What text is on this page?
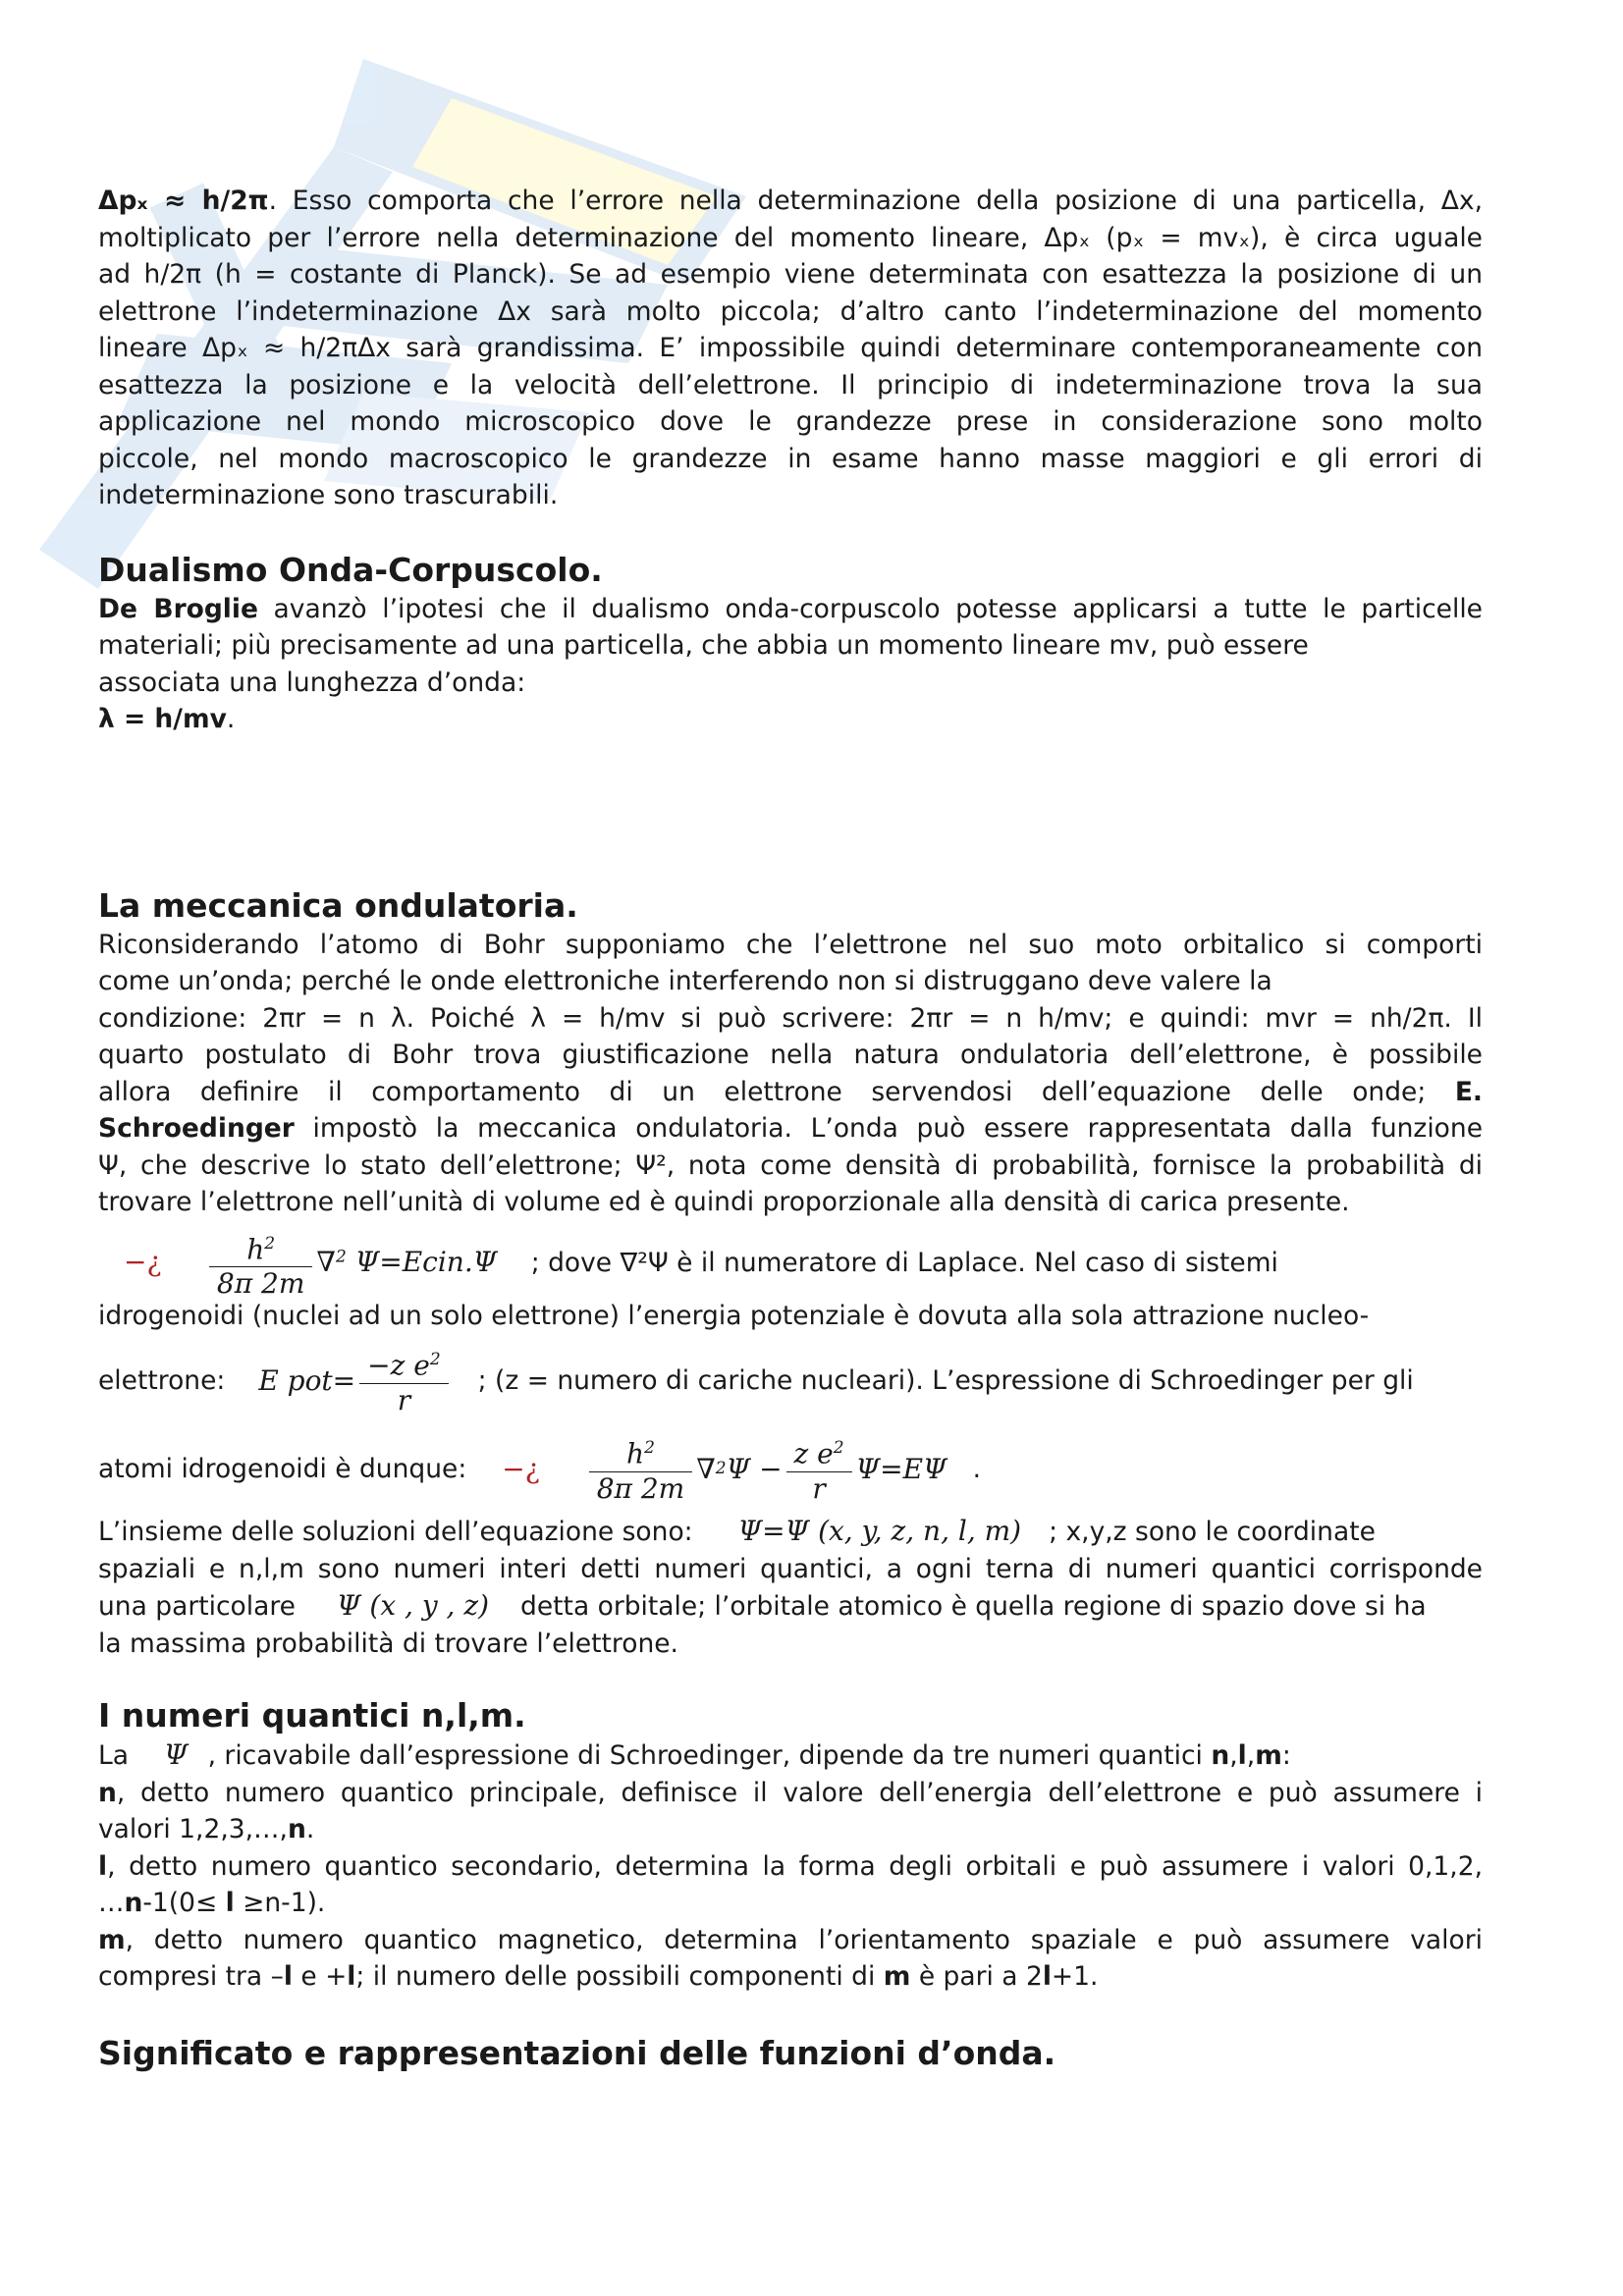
Δpₓ ≈ h/2π. Esso comporta che l’errore nella determinazione della posizione di una particella, Δx,
moltiplicato per l’errore nella determinazione del momento lineare, Δpₓ (pₓ = mvₓ), è circa uguale
ad h/2π (h = costante di Planck). Se ad esempio viene determinata con esattezza la posizione di un
elettrone l’indeterminazione Δx sarà molto piccola; d’altro canto l’indeterminazione del momento
lineare Δpₓ ≈ h/2πΔx sarà grandissima. E’ impossibile quindi determinare contemporaneamente con
esattezza la posizione e la velocità dell’elettrone. Il principio di indeterminazione trova la sua
applicazione nel mondo microscopico dove le grandezze prese in considerazione sono molto
piccole, nel mondo macroscopico le grandezze in esame hanno masse maggiori e gli errori di
indeterminazione sono trascurabili.
Dualismo Onda-Corpuscolo.
De Broglie avanzò l’ipotesi che il dualismo onda-corpuscolo potesse applicarsi a tutte le particelle
materiali; più precisamente ad una particella, che abbia un momento lineare mv, può essere
associata una lunghezza d’onda:
λ = h/mv.
La meccanica ondulatoria.
Riconsiderando l’atomo di Bohr supponiamo che l’elettrone nel suo moto orbitalico si comporti
come un’onda; perché le onde elettroniche interferendo non si distruggano deve valere la
condizione: 2πr = n λ. Poiché λ = h/mv si può scrivere: 2πr = n h/mv; e quindi: mvr = nh/2π. Il
quarto postulato di Bohr trova giustificazione nella natura ondulatoria dell’elettrone, è possibile
allora definire il comportamento di un elettrone servendosi dell’equazione delle onde; E.
Schroedinger impostò la meccanica ondulatoria. L’onda può essere rappresentata dalla funzione
Ψ, che descrive lo stato dell’elettrone; Ψ², nota come densità di probabilità, fornisce la probabilità di
trovare l’elettrone nell’unità di volume ed è quindi proporzionale alla densità di carica presente.
−¿ $\frac{h^2}{8\pi 2m} \nabla^2$ Ψ=Ecin.Ψ ; dove ∇²Ψ è il numeratore di Laplace. Nel caso di sistemi
idrogenoidi (nuclei ad un solo elettrone) l’energia potenziale è dovuta alla sola attrazione nucleo-
elettrone: E $pot= \frac{-z e^2}{r}$ ; (z = numero di cariche nucleari). L’espressione di Schroedinger per gli
atomi idrogenoidi è dunque: − ¿ $\frac{h^2}{8\pi 2m}$ ∇ 2 $\Psi - \frac{z e^2}{r} \Psi=E\Psi$ .
L’insieme delle soluzioni dell’equazione sono: Ψ=Ψ (x, y, z, n, l, m) ; x,y,z sono le coordinate
spaziali e n,l,m sono numeri interi detti numeri quantici, a ogni terna di numeri quantici corrisponde
una particolare Ψ (x , y , z) detta orbitale; l’orbitale atomico è quella regione di spazio dove si ha
la massima probabilità di trovare l’elettrone.
I numeri quantici n,l,m.
La Ψ , ricavabile dall’espressione di Schroedinger, dipende da tre numeri quantici n,l,m:
n, detto numero quantico principale, definisce il valore dell’energia dell’elettrone e può assumere i
valori 1,2,3,…,n.
l, detto numero quantico secondario, determina la forma degli orbitali e può assumere i valori 0,1,2,
…n-1(0≤ l ≥n-1).
m, detto numero quantico magnetico, determina l’orientamento spaziale e può assumere valori
compresi tra –l e +l; il numero delle possibili componenti di m è pari a 2l+1.
Significato e rappresentazioni delle funzioni d’onda.
